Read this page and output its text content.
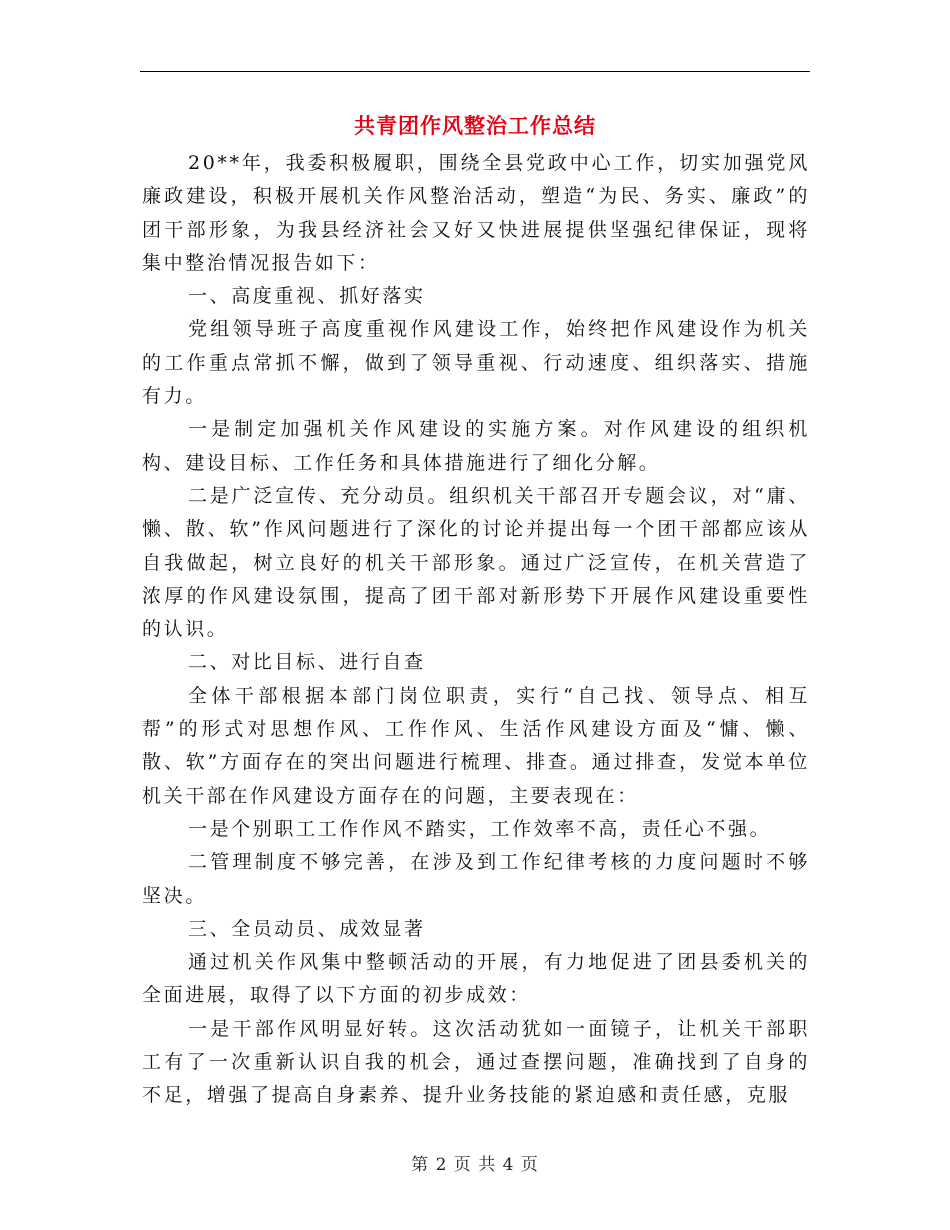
共青团作风整治工作总结

20**年，我委积极履职，围绕全县党政中心工作，切实加强党风廉政建设，积极开展机关作风整治活动，塑造“为民、务实、廉政”的团干部形象，为我县经济社会又好又快进展提供坚强纪律保证，现将集中整治情况报告如下：

一、高度重视、抓好落实

党组领导班子高度重视作风建设工作，始终把作风建设作为机关的工作重点常抓不懈，做到了领导重视、行动速度、组织落实、措施有力。

一是制定加强机关作风建设的实施方案。对作风建设的组织机构、建设目标、工作任务和具体措施进行了细化分解。

二是广泛宣传、充分动员。组织机关干部召开专题会议，对“庸、懒、散、软”作风问题进行了深化的讨论并提出每一个团干部都应该从自我做起，树立良好的机关干部形象。通过广泛宣传，在机关营造了浓厚的作风建设氛围，提高了团干部对新形势下开展作风建设重要性的认识。

二、对比目标、进行自查

全体干部根据本部门岗位职责，实行“自己找、领导点、相互帮”的形式对思想作风、工作作风、生活作风建设方面及“慵、懒、散、软”方面存在的突出问题进行梳理、排查。通过排查，发觉本单位机关干部在作风建设方面存在的问题，主要表现在：

一是个别职工工作作风不踏实，工作效率不高，责任心不强。

二管理制度不够完善，在涉及到工作纪律考核的力度问题时不够坚决。

三、全员动员、成效显著

通过机关作风集中整顿活动的开展，有力地促进了团县委机关的全面进展，取得了以下方面的初步成效：

一是干部作风明显好转。这次活动犹如一面镜子，让机关干部职工有了一次重新认识自我的机会，通过查摆问题，准确找到了自身的不足，增强了提高自身素养、提升业务技能的紧迫感和责任感，克服

第 2 页 共 4 页
